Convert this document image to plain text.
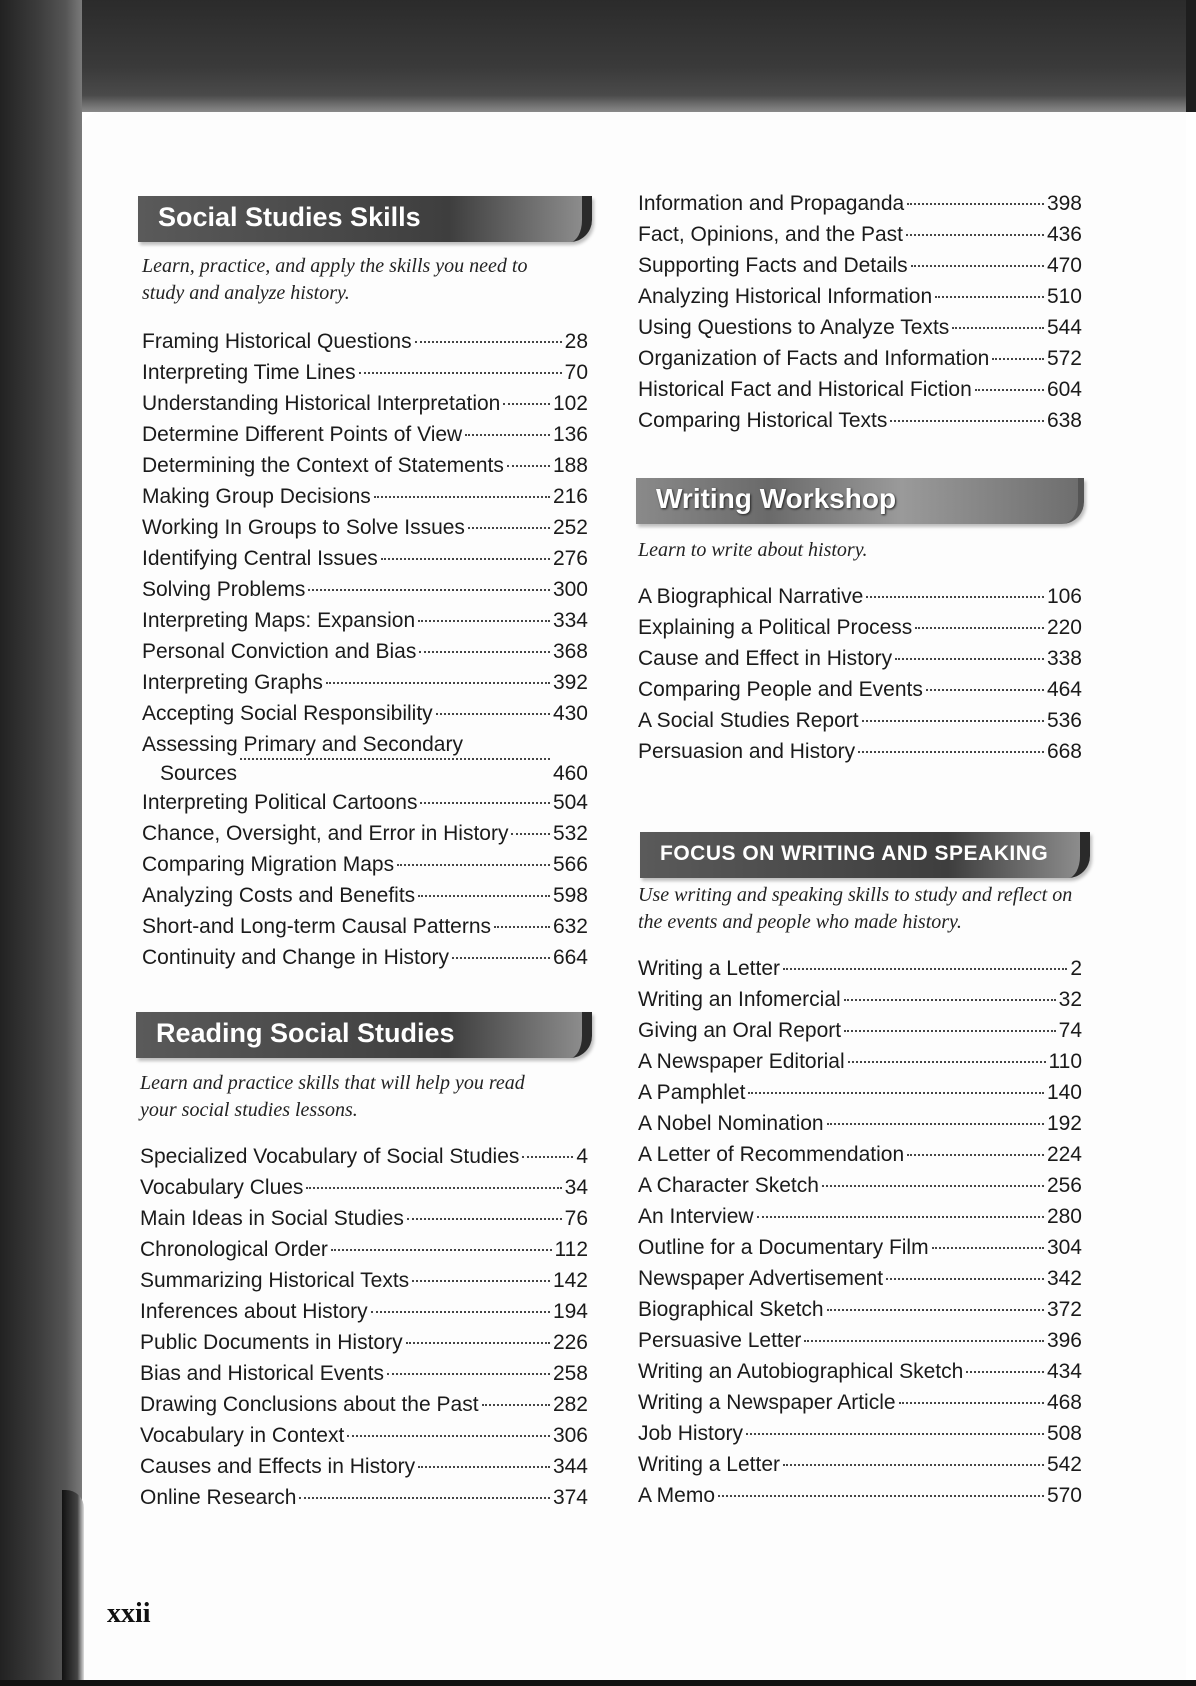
Social Studies Skills
Learn, practice, and apply the skills you need to study and analyze history.
Framing Historical Questions	28
Interpreting Time Lines	70
Understanding Historical Interpretation	102
Determine Different Points of View	136
Determining the Context of Statements 188
Making Group Decisions	216
Working In Groups to Solve Issues	252
Identifying Central Issues	276
Solving Problems	300
Interpreting Maps: Expansion	334
Personal Conviction and Bias	368
Interpreting Graphs	392
Accepting Social Responsibility	430
Assessing Primary and Secondary
Sources	460
Interpreting Political Cartoons	504
Chance, Oversight, and Error in History 532
Comparing Migration Maps	566
Analyzing Costs and Benefits	598
Short-and Long-term Causal Patterns	632
Continuity and Change in History	664
Reading Social Studies
Learn and practice skills that will help you read your social studies lessons.
Specialized Vocabulary of Social Studies	4
Vocabulary Clues	34
Main Ideas in Social Studies	76
Chronological Order	112
Summarizing Historical Texts	142
Inferences about History	194
Public Documents in History	226
Bias and Historical Events	258
Drawing Conclusions about the Past	282
Vocabulary in Context	306
Causes and Effects in History	344
Online Research	374
Information and Propaganda	398
Fact, Opinions, and the Past	436
Supporting Facts and Details	470
Analyzing Historical Information	510
Using Questions to Analyze Texts	544
Organization of Facts and Information	572
Historical Fact and Historical Fiction	604
Comparing Historical Texts	638
Writing Workshop
Learn to write about history.
A Biographical Narrative	106
Explaining a Political Process	220
Cause and Effect in History	338
Comparing People and Events	464
A Social Studies Report	536
Persuasion and History	668
FOCUS ON WRITING AND SPEAKING
Use writing and speaking skills to study and reflect on the events and people who made history.
Writing a Letter	2
Writing an Infomercial	32
Giving an Oral Report	74
A Newspaper Editorial	110
A Pamphlet	140
A Nobel Nomination	192
A Letter of Recommendation	224
A Character Sketch	256
An Interview	280
Outline for a Documentary Film	304
Newspaper Advertisement	342
Biographical Sketch	372
Persuasive Letter	396
Writing an Autobiographical Sketch	434
Writing a Newspaper Article	468
Job History	508
Writing a Letter	542
A Memo	570
xxii
